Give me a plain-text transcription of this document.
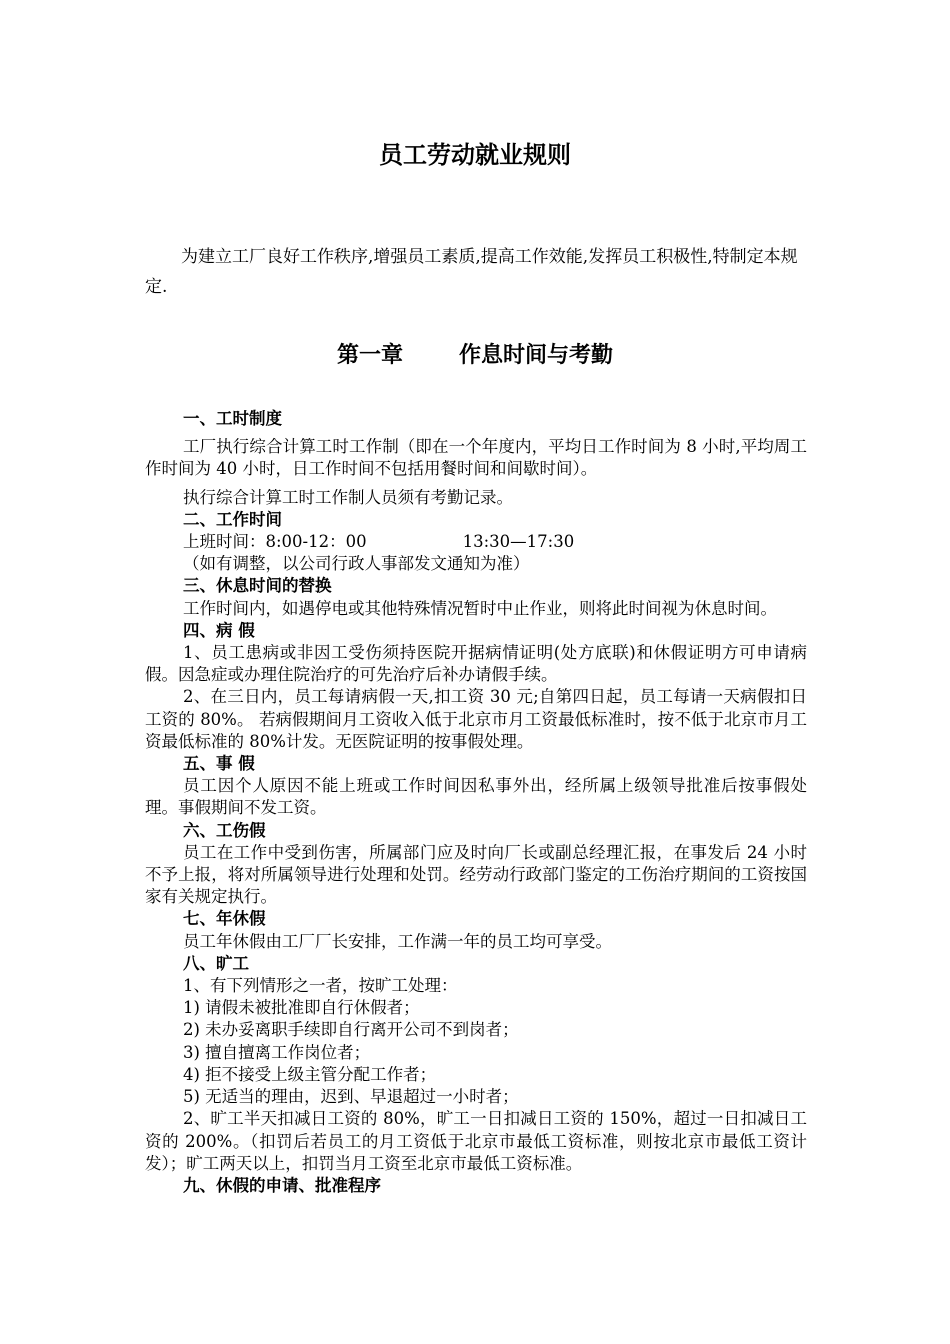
员工劳动就业规则

为建立工厂良好工作秩序,增强员工素质,提高工作效能,发挥员工积极性,特制定本规定.

第一章	作息时间与考勤
一、工时制度
工厂执行综合计算工时工作制（即在一个年度内，平均日工作时间为 8 小时,平均周工作时间为 40 小时，日工作时间不包括用餐时间和间歇时间）。
执行综合计算工时工作制人员须有考勤记录。
二、工作时间
上班时间：8:00-12：00	13:30—17:30
（如有调整，以公司行政人事部发文通知为准）
三、休息时间的替换
工作时间内，如遇停电或其他特殊情况暂时中止作业，则将此时间视为休息时间。
四、病 假
1、员工患病或非因工受伤须持医院开据病情证明(处方底联)和休假证明方可申请病假。因急症或办理住院治疗的可先治疗后补办请假手续。
2、在三日内，员工每请病假一天,扣工资 30 元;自第四日起，员工每请一天病假扣日工资的 80%。 若病假期间月工资收入低于北京市月工资最低标准时，按不低于北京市月工资最低标准的 80%计发。无医院证明的按事假处理。
五、事 假
员工因个人原因不能上班或工作时间因私事外出，经所属上级领导批准后按事假处理。事假期间不发工资。
六、工伤假
员工在工作中受到伤害，所属部门应及时向厂长或副总经理汇报，在事发后 24 小时不予上报，将对所属领导进行处理和处罚。经劳动行政部门鉴定的工伤治疗期间的工资按国家有关规定执行。
七、年休假
员工年休假由工厂厂长安排，工作满一年的员工均可享受。
八、旷工
1、有下列情形之一者，按旷工处理：
1) 请假未被批准即自行休假者；
2) 未办妥离职手续即自行离开公司不到岗者；
3) 擅自擅离工作岗位者；
4) 拒不接受上级主管分配工作者；
5) 无适当的理由，迟到、早退超过一小时者；
2、旷工半天扣减日工资的 80%，旷工一日扣减日工资的 150%，超过一日扣减日工资的 200%。（扣罚后若员工的月工资低于北京市最低工资标准，则按北京市最低工资计发）；旷工两天以上，扣罚当月工资至北京市最低工资标准。
九、休假的申请、批准程序
